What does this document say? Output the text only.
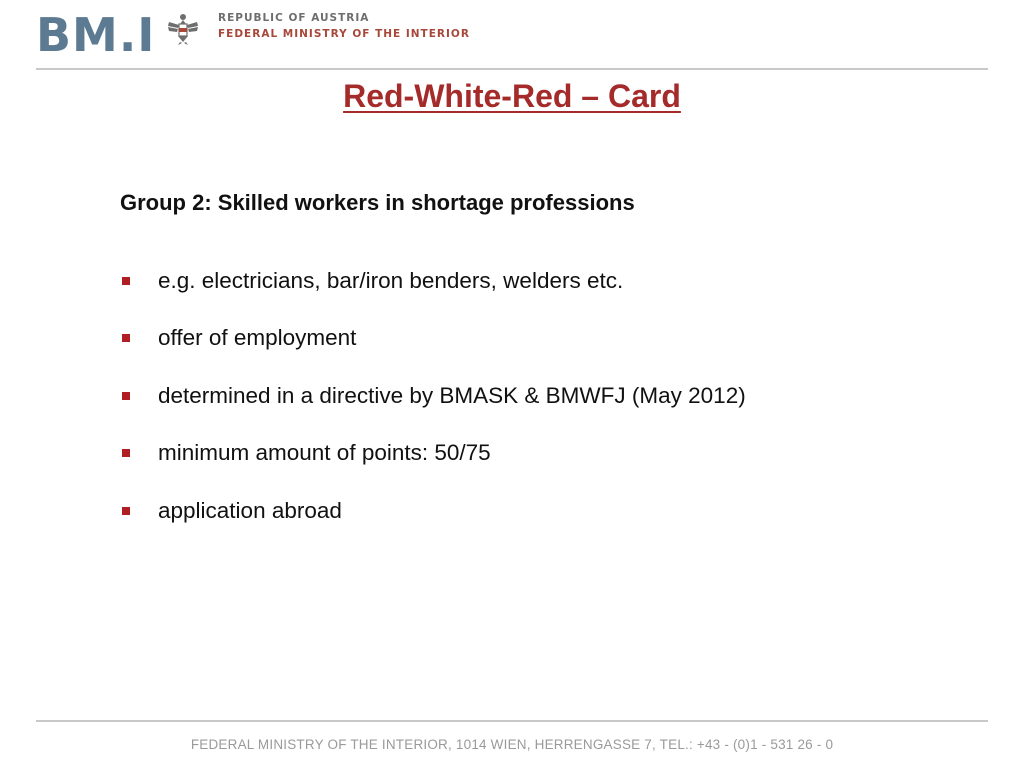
BM.I	REPUBLIC OF AUSTRIA
FEDERAL MINISTRY OF THE INTERIOR
Red-White-Red – Card
Group 2: Skilled workers in shortage professions
e.g. electricians, bar/iron benders, welders etc.
offer of employment
determined in a directive by BMASK & BMWFJ (May 2012)
minimum amount of points: 50/75
application abroad
FEDERAL MINISTRY OF THE INTERIOR, 1014 WIEN, HERRENGASSE 7, TEL.: +43 - (0)1 - 531 26 - 0
